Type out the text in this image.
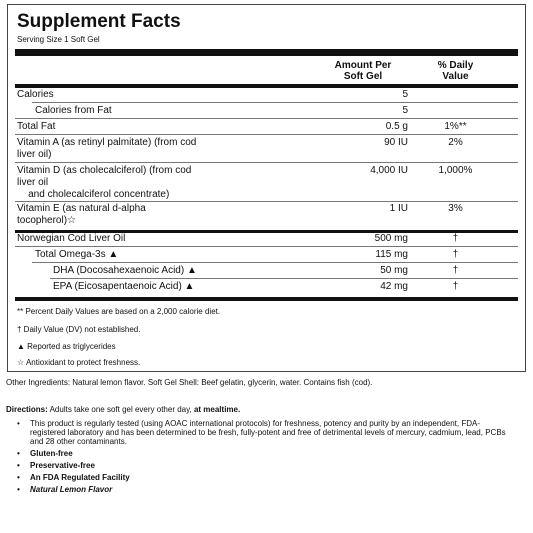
Supplement Facts
Serving Size 1 Soft Gel
Amount Per
Soft Gel
% Daily
Value
Calories	5
Calories from Fat	5
Total Fat	0.5 g	1%**
Vitamin A (as retinyl palmitate) (from cod
liver oil)
90 IU	2%
Vitamin D (as cholecalciferol) (from cod
liver oil
and cholecalciferol concentrate)
4,000 IU	1,000%
Vitamin E (as natural d-alpha
tocopherol)☆
1 IU	3%
Norwegian Cod Liver Oil	500 mg	†
Total Omega-3s ▲	115 mg	†
DHA (Docosahexaenoic Acid) ▲	50 mg	†
EPA (Eicosapentaenoic Acid) ▲	42 mg	†
** Percent Daily Values are based on a 2,000 calorie diet.
† Daily Value (DV) not established.
▲ Reported as triglycerides
☆ Antioxidant to protect freshness.
Other Ingredients: Natural lemon flavor. Soft Gel Shell: Beef gelatin, glycerin, water. Contains fish (cod).
Directions: Adults take one soft gel every other day, at mealtime.
• This product is regularly tested (using AOAC international protocols) for freshness, potency and purity by an independent, FDA-registered laboratory and has been determined to be fresh, fully-potent and free of detrimental levels of mercury, cadmium, lead, PCBs and 28 other contaminants.
• Gluten-free
• Preservative-free
• An FDA Regulated Facility
• Natural Lemon Flavor
